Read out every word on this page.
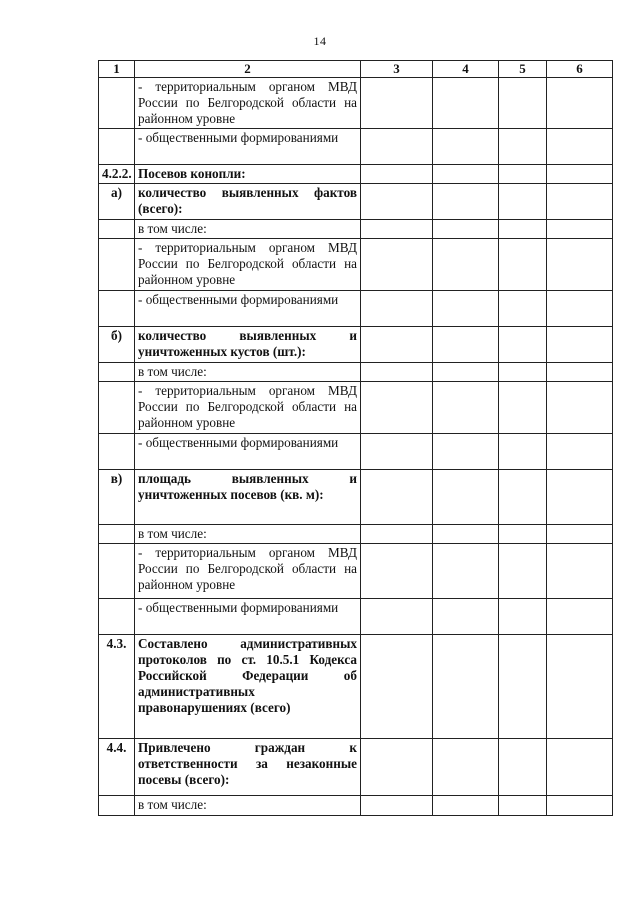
14
1	2	3	4	5	6
	- территориальным органом МВД России по Белгородской области на районном уровне				
	- общественными формированиями				
4.2.2.	Посевов конопли:				
а)	количество выявленных фактов (всего):				
	в том числе:				
	- территориальным органом МВД России по Белгородской области на районном уровне				
	- общественными формированиями				
б)	количество выявленных и уничтоженных кустов (шт.):				
	в том числе:				
	- территориальным органом МВД России по Белгородской области на районном уровне				
	- общественными формированиями				
в)	площадь выявленных и уничтоженных посевов (кв. м):				
	в том числе:				
	- территориальным органом МВД России по Белгородской области на районном уровне				
	- общественными формированиями				
4.3.	Составлено административных протоколов по ст. 10.5.1 Кодекса Российской Федерации об административных правонарушениях (всего)				
4.4.	Привлечено граждан к ответственности за незаконные посевы (всего):				
	в том числе:				
